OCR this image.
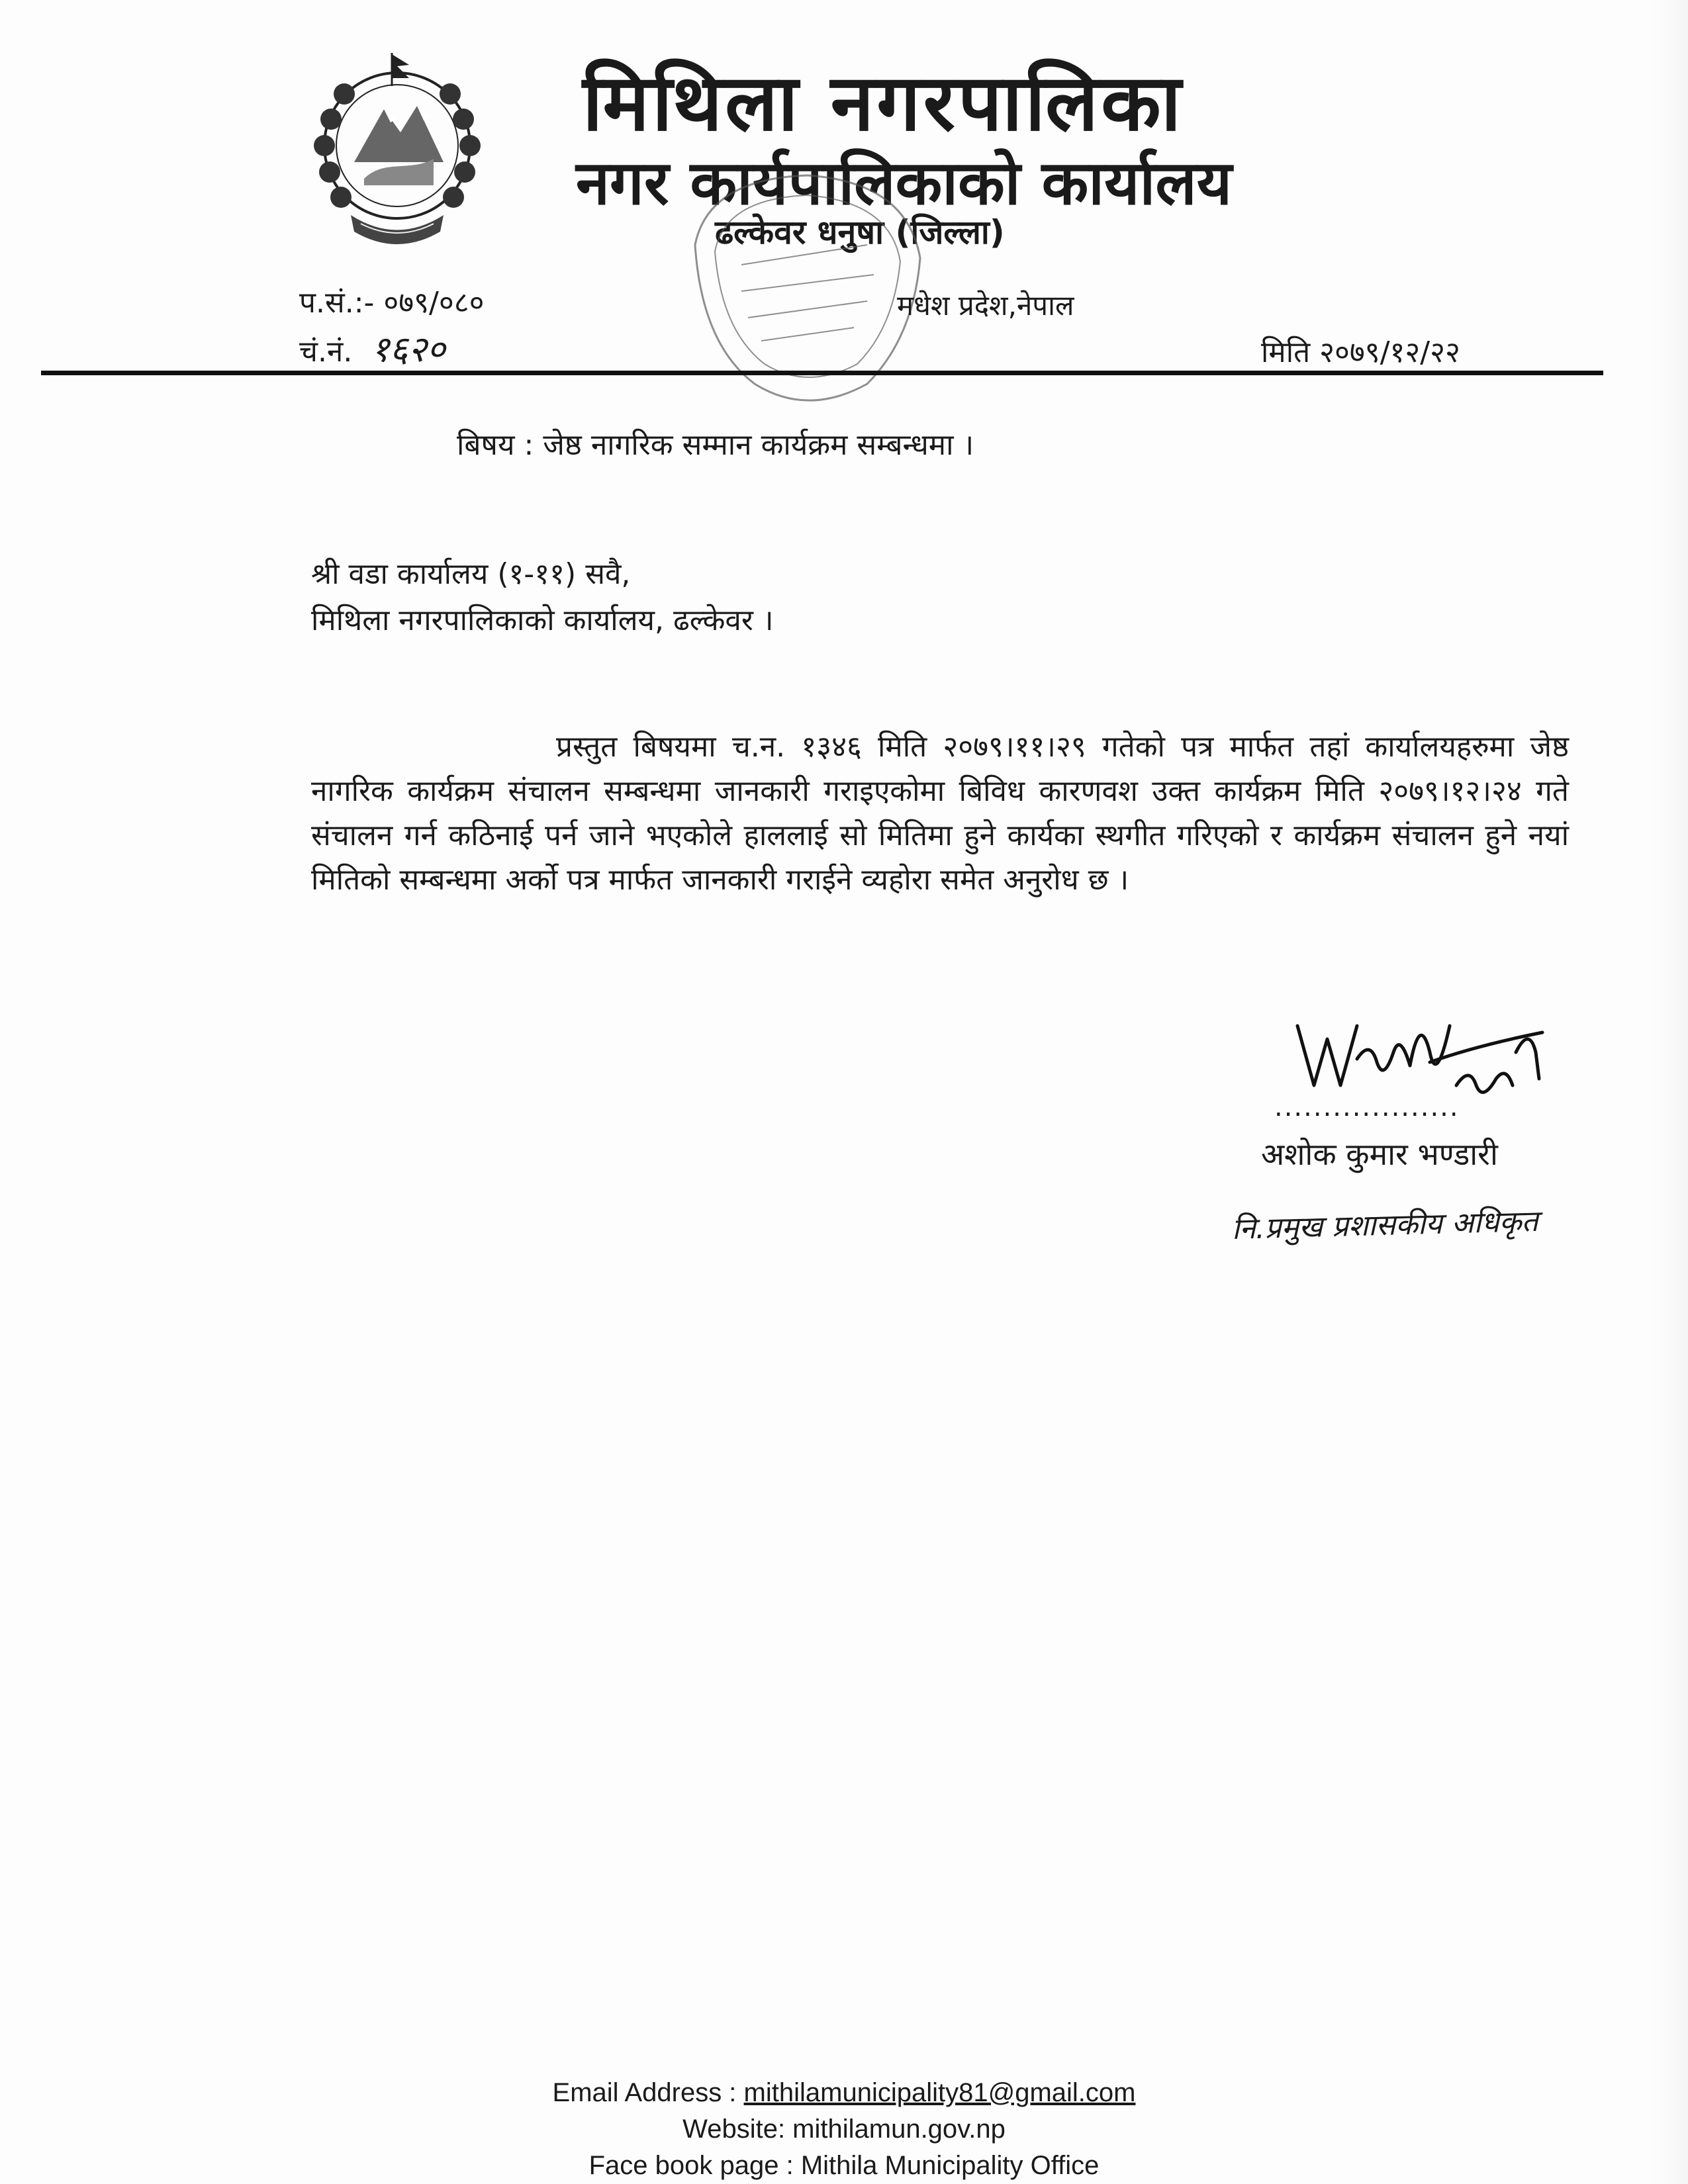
मिथिला नगरपालिका
नगर कार्यपालिकाको कार्यालय
ढल्केवर धनुषा (जिल्ला)
प.सं.:- ०७९/०८०
चं.नं. १६२०
मधेश प्रदेश,नेपाल
मिति २०७९/१२/२२
बिषय : जेष्ठ नागरिक सम्मान कार्यक्रम सम्बन्धमा ।
श्री वडा कार्यालय (१-११) सवै,
मिथिला नगरपालिकाको कार्यालय, ढल्केवर ।
प्रस्तुत बिषयमा च.न. १३४६ मिति २०७९।११।२९ गतेको पत्र मार्फत तहां कार्यालयहरुमा जेष्ठ नागरिक कार्यक्रम संचालन सम्बन्धमा जानकारी गराइएकोमा बिविध कारणवश उक्त कार्यक्रम मिति २०७९।१२।२४ गते संचालन गर्न कठिनाई पर्न जाने भएकोले हाललाई सो मितिमा हुने कार्यका स्थगीत गरिएको र कार्यक्रम संचालन हुने नयां मितिको सम्बन्धमा अर्को पत्र मार्फत जानकारी गराईने व्यहोरा समेत अनुरोध छ ।
...................
अशोक कुमार भण्डारी
नि.प्रमुख प्रशासकीय अधिकृत
Email Address : mithilamunicipality81@gmail.com
Website: mithilamun.gov.np
Face book page : Mithila Municipality Office
